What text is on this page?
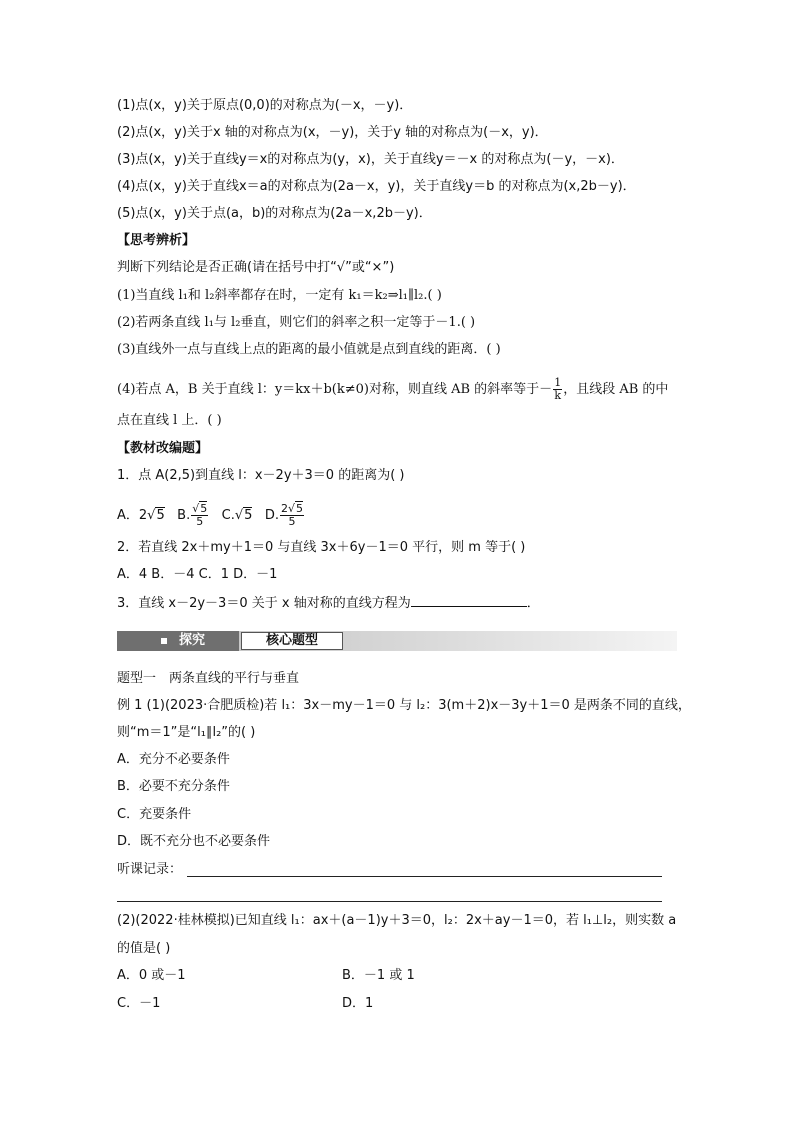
(1)点(x，y)关于原点(0,0)的对称点为(－x，－y)．
(2)点(x，y)关于x 轴的对称点为(x，－y)，关于y 轴的对称点为(－x，y)．
(3)点(x，y)关于直线y＝x的对称点为(y，x)，关于直线y＝－x 的对称点为(－y，－x)．
(4)点(x，y)关于直线x＝a的对称点为(2a－x，y)，关于直线y＝b 的对称点为(x,2b－y)．
(5)点(x，y)关于点(a，b)的对称点为(2a－x,2b－y)．
【思考辨析】
判断下列结论是否正确(请在括号中打“√”或“×”)
(1)当直线 l₁和 l₂斜率都存在时，一定有 k₁＝k₂⇒l₁∥l₂.( )
(2)若两条直线 l₁与 l₂垂直，则它们的斜率之积一定等于－1.( )
(3)直线外一点与直线上点的距离的最小值就是点到直线的距离．( )
(4)若点 A，B 关于直线 l：y＝kx＋b(k≠0)对称，则直线 AB 的斜率等于－ $\frac{1}{k}$ ，且线段 AB 的中
点在直线 l 上．( )
【教材改编题】
1．点 A(2,5)到直线 l：x－2y＋3＝0 的距离为( )
A．2√5 B. $\frac{√5}{5} C.√5$ D. $\frac{2√5}{5}$
2．若直线 2x＋my＋1＝0 与直线 3x＋6y－1＝0 平行，则 m 等于( )
A．4 B．－4 C．1 D．－1
3．直线 x－2y－3＝0 关于 x 轴对称的直线方程为	．
探究	核心题型
题型一　两条直线的平行与垂直
例 1 (1)(2023·合肥质检)若 l₁：3x－my－1＝0 与 l₂：3(m＋2)x－3y＋1＝0 是两条不同的直线，
则“m＝1”是“l₁∥l₂”的( )
A．充分不必要条件
B．必要不充分条件
C．充要条件
D．既不充分也不必要条件
听课记录：
(2)(2022·桂林模拟)已知直线 l₁：ax＋(a－1)y＋3＝0，l₂：2x＋ay－1＝0，若 l₁⊥l₂，则实数 a
的值是( )
A．0 或－1	B．－1 或 1
C．－1	D．1
